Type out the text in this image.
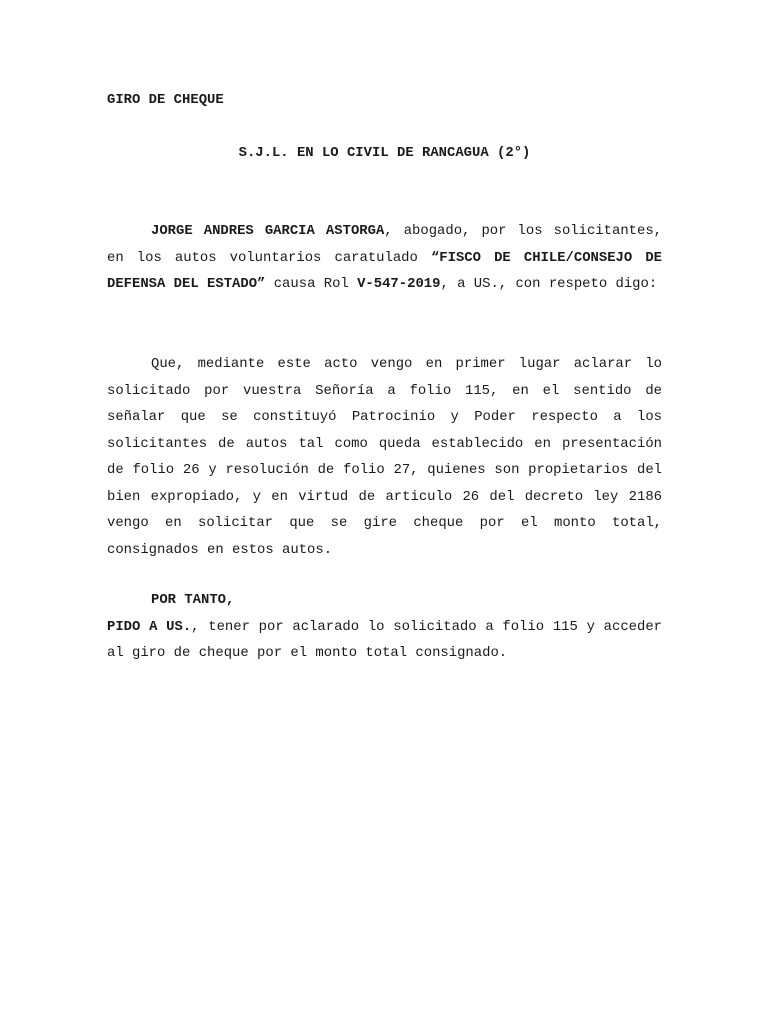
GIRO DE CHEQUE
S.J.L. EN LO CIVIL DE RANCAGUA (2°)
JORGE ANDRES GARCIA ASTORGA, abogado, por los solicitantes, en los autos voluntarios caratulado “FISCO DE CHILE/CONSEJO DE DEFENSA DEL ESTADO” causa Rol V-547-2019, a US., con respeto digo:
Que, mediante este acto vengo en primer lugar aclarar lo solicitado por vuestra Señoría a folio 115, en el sentido de señalar que se constituyó Patrocinio y Poder respecto a los solicitantes de autos tal como queda establecido en presentación de folio 26 y resolución de folio 27, quienes son propietarios del bien expropiado, y en virtud de articulo 26 del decreto ley 2186 vengo en solicitar que se gire cheque por el monto total, consignados en estos autos.
POR TANTO,
PIDO A US., tener por aclarado lo solicitado a folio 115 y acceder al giro de cheque por el monto total consignado.
